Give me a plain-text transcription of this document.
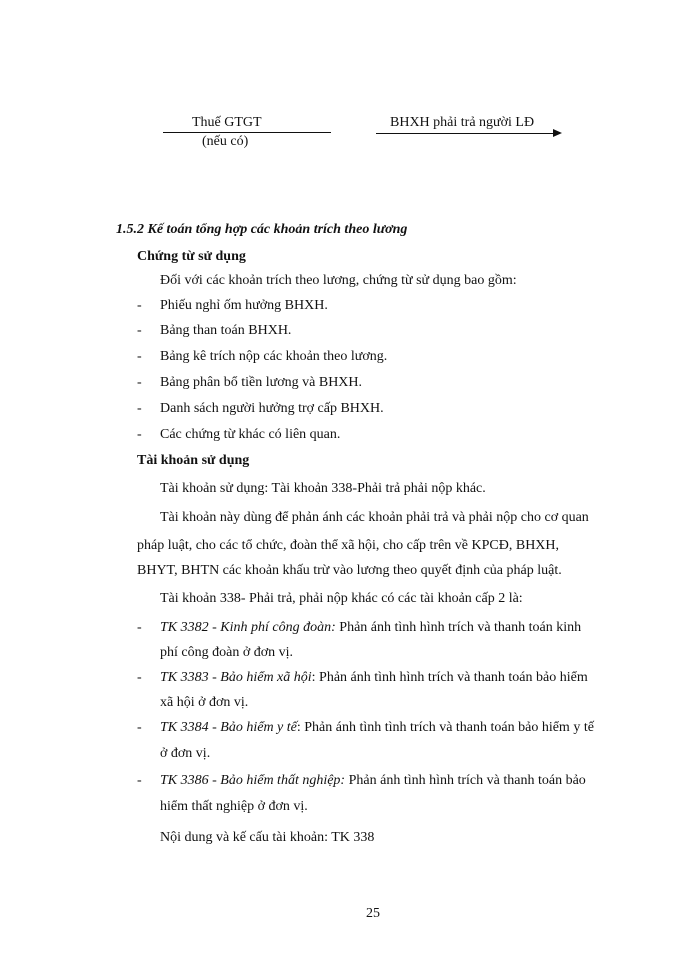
Thuế GTGT
(nếu có)
BHXH phải trả người LĐ
1.5.2 Kế toán tổng hợp các khoản trích theo lương
Chứng từ sử dụng
Đối với các khoản trích theo lương, chứng từ sử dụng bao gồm:
- Phiếu nghỉ ốm hưởng BHXH.
- Bảng than toán BHXH.
- Bảng kê trích nộp các khoản theo lương.
- Bảng phân bổ tiền lương và BHXH.
- Danh sách người hưởng trợ cấp BHXH.
- Các chứng từ khác có liên quan.
Tài khoản sử dụng
Tài khoản sử dụng: Tài khoản 338-Phải trả phải nộp khác.
Tài khoản này dùng để phản ánh các khoản phải trả và phải nộp cho cơ quan
pháp luật, cho các tổ chức, đoàn thể xã hội, cho cấp trên về KPCĐ, BHXH,
BHYT, BHTN các khoản khấu trừ vào lương theo quyết định của pháp luật.
Tài khoản 338- Phải trả, phải nộp khác có các tài khoản cấp 2 là:
- TK 3382 - Kinh phí công đoàn: Phản ánh tình hình trích và thanh toán kinh
phí công đoàn ở đơn vị.
- TK 3383 - Bảo hiểm xã hội: Phản ánh tình hình trích và thanh toán bảo hiểm
xã hội ở đơn vị.
- TK 3384 - Bảo hiểm y tế: Phản ánh tình tình trích và thanh toán bảo hiểm y tế
ở đơn vị.
- TK 3386 - Bảo hiểm thất nghiệp: Phản ánh tình hình trích và thanh toán bảo
hiểm thất nghiệp ở đơn vị.
Nội dung và kế cấu tài khoản: TK 338
25
